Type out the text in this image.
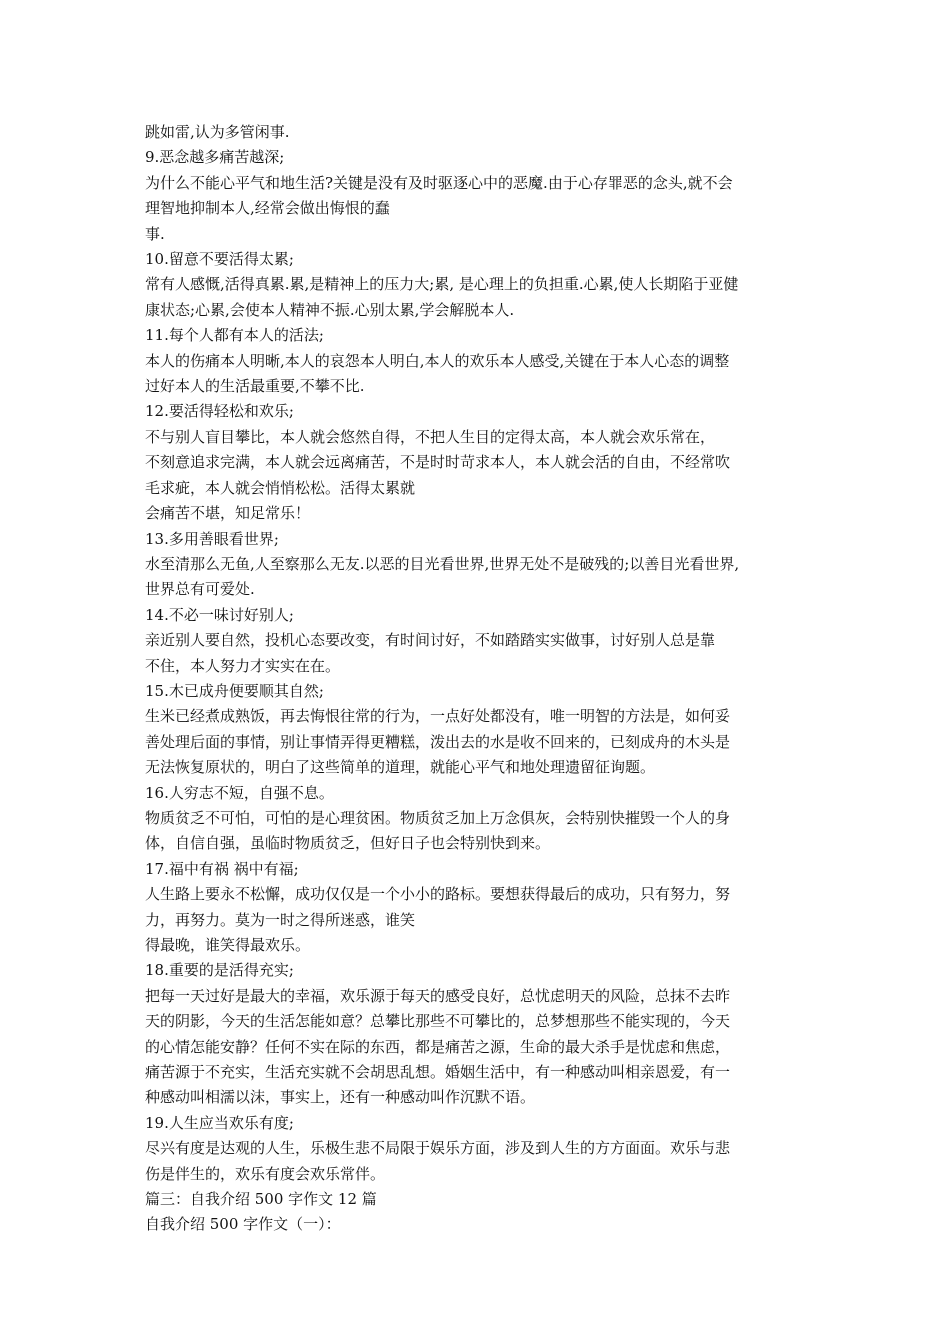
跳如雷,认为多管闲事.
9.恶念越多痛苦越深;
为什么不能心平气和地生活?关键是没有及时驱逐心中的恶魔.由于心存罪恶的念头,就不会
理智地抑制本人,经常会做出悔恨的蠢
事.
10.留意不要活得太累;
常有人感慨,活得真累.累,是精神上的压力大;累, 是心理上的负担重.心累,使人长期陷于亚健
康状态;心累,会使本人精神不振.心别太累,学会解脱本人.
11.每个人都有本人的活法;
本人的伤痛本人明晰,本人的哀怨本人明白,本人的欢乐本人感受,关键在于本人心态的调整
过好本人的生活最重要,不攀不比.
12.要活得轻松和欢乐;
不与别人盲目攀比，本人就会悠然自得，不把人生目的定得太高，本人就会欢乐常在，
不刻意追求完满，本人就会远离痛苦，不是时时苛求本人，本人就会活的自由，不经常吹
毛求疵，本人就会悄悄松松。活得太累就
会痛苦不堪，知足常乐！
13.多用善眼看世界;
水至清那么无鱼,人至察那么无友.以恶的目光看世界,世界无处不是破残的;以善目光看世界,
世界总有可爱处.
14.不必一味讨好别人;
亲近别人要自然，投机心态要改变，有时间讨好，不如踏踏实实做事，讨好别人总是靠
不住，本人努力才实实在在。
15.木已成舟便要顺其自然;
生米已经煮成熟饭，再去悔恨往常的行为，一点好处都没有，唯一明智的方法是，如何妥
善处理后面的事情，别让事情弄得更糟糕，泼出去的水是收不回来的，已刻成舟的木头是
无法恢复原状的，明白了这些简单的道理，就能心平气和地处理遗留征询题。
16.人穷志不短，自强不息。
物质贫乏不可怕，可怕的是心理贫困。物质贫乏加上万念俱灰，会特别快摧毁一个人的身
体，自信自强，虽临时物质贫乏，但好日子也会特别快到来。
17.福中有祸 祸中有福;
人生路上要永不松懈，成功仅仅是一个小小的路标。要想获得最后的成功，只有努力，努
力，再努力。莫为一时之得所迷惑，谁笑
得最晚，谁笑得最欢乐。
18.重要的是活得充实;
把每一天过好是最大的幸福，欢乐源于每天的感受良好，总忧虑明天的风险，总抹不去昨
天的阴影，今天的生活怎能如意？总攀比那些不可攀比的，总梦想那些不能实现的，今天
的心情怎能安静？任何不实在际的东西，都是痛苦之源，生命的最大杀手是忧虑和焦虑，
痛苦源于不充实，生活充实就不会胡思乱想。婚姻生活中，有一种感动叫相亲恩爱，有一
种感动叫相濡以沫，事实上，还有一种感动叫作沉默不语。
19.人生应当欢乐有度;
尽兴有度是达观的人生，乐极生悲不局限于娱乐方面，涉及到人生的方方面面。欢乐与悲
伤是伴生的，欢乐有度会欢乐常伴。
篇三：自我介绍 500 字作文 12 篇
自我介绍 500 字作文（一）：
